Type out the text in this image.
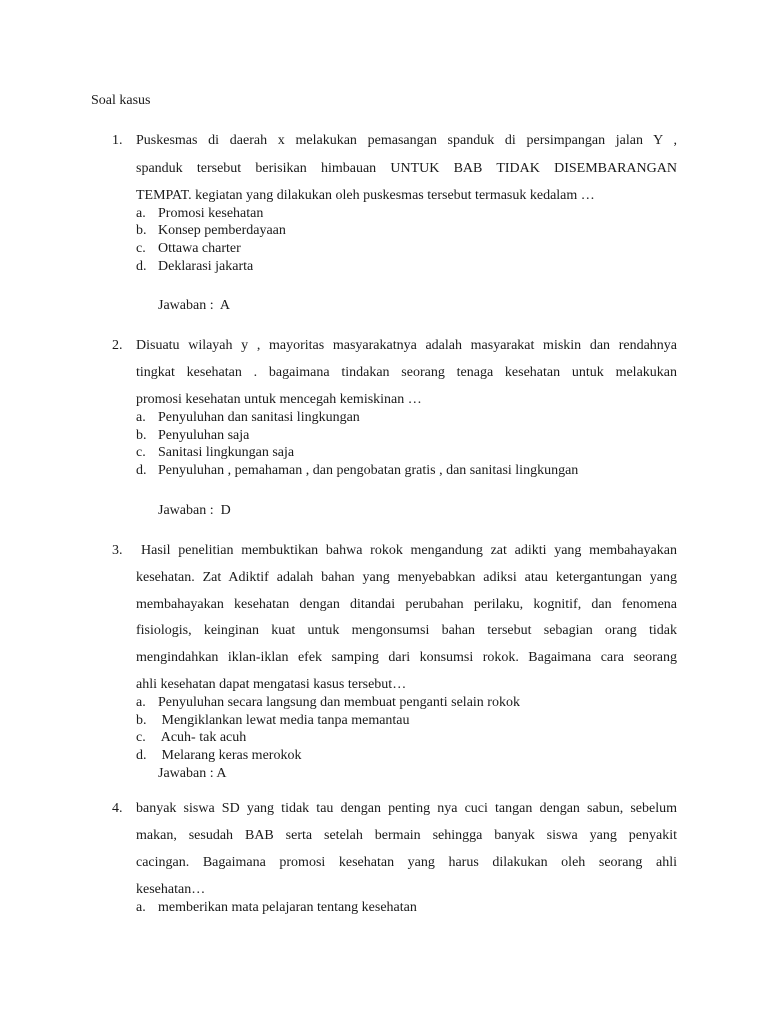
Soal kasus
1. Puskesmas di daerah x melakukan pemasangan spanduk di persimpangan jalan Y ,
spanduk tersebut berisikan himbauan UNTUK BAB TIDAK DISEMBARANGAN
TEMPAT. kegiatan yang dilakukan oleh puskesmas tersebut termasuk kedalam …
a. Promosi kesehatan
b. Konsep pemberdayaan
c. Ottawa charter
d. Deklarasi jakarta
Jawaban :  A
2. Disuatu wilayah y , mayoritas masyarakatnya adalah masyarakat miskin dan rendahnya
tingkat kesehatan . bagaimana tindakan seorang tenaga kesehatan untuk melakukan
promosi kesehatan untuk mencegah kemiskinan …
a. Penyuluhan dan sanitasi lingkungan
b. Penyuluhan saja
c. Sanitasi lingkungan saja
d. Penyuluhan , pemahaman , dan pengobatan gratis , dan sanitasi lingkungan
Jawaban :  D
3.	Hasil penelitian membuktikan bahwa rokok mengandung zat adikti yang membahayakan
kesehatan. Zat Adiktif adalah bahan yang menyebabkan adiksi atau ketergantungan yang
membahayakan kesehatan dengan ditandai perubahan perilaku, kognitif, dan fenomena
fisiologis, keinginan kuat untuk mengonsumsi bahan tersebut sebagian orang tidak
mengindahkan iklan-iklan efek samping dari konsumsi rokok. Bagaimana cara seorang
ahli kesehatan dapat mengatasi kasus tersebut…
a. Penyuluhan secara langsung dan membuat penganti selain rokok
b. Mengiklankan lewat media tanpa memantau
c. Acuh- tak acuh
d. Melarang keras merokok
Jawaban : A
4. banyak siswa SD yang tidak tau dengan penting nya cuci tangan dengan sabun, sebelum
makan, sesudah BAB serta setelah bermain sehingga banyak siswa yang penyakit
cacingan. Bagaimana promosi kesehatan yang harus dilakukan oleh seorang ahli
kesehatan…
a. memberikan mata pelajaran tentang kesehatan
